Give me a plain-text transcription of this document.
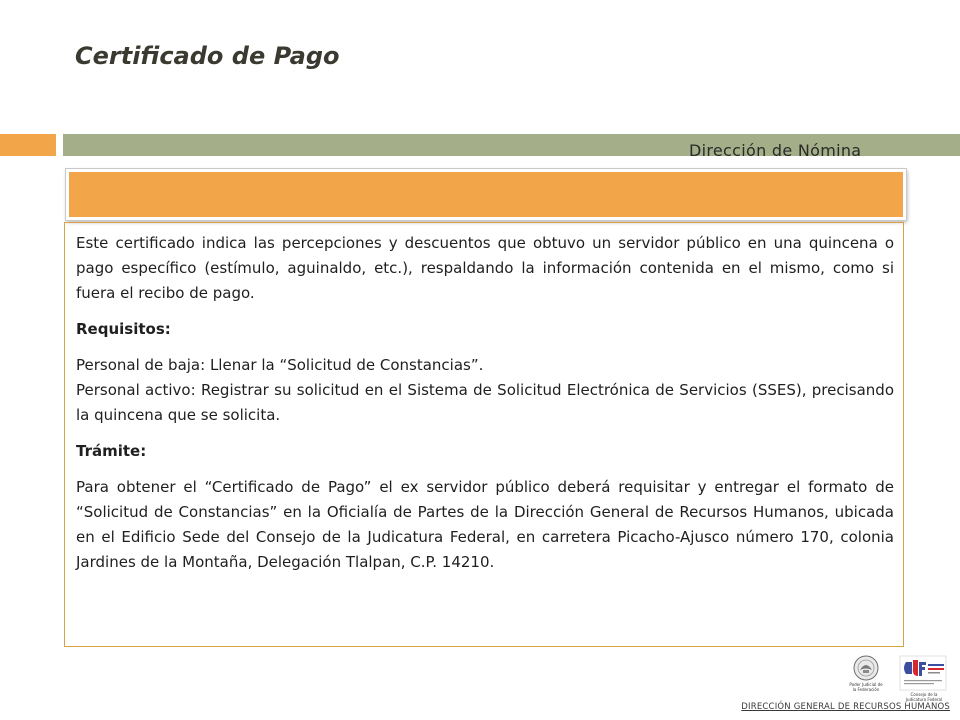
Certificado de Pago
Dirección de Nómina

Este certificado indica las percepciones y descuentos que obtuvo un servidor público en una quincena o pago específico (estímulo, aguinaldo, etc.), respaldando la información contenida en el mismo, como si fuera el recibo de pago.

Requisitos:

Personal de baja: Llenar la “Solicitud de Constancias”.

Personal activo: Registrar su solicitud en el Sistema de Solicitud Electrónica de Servicios (SSES), precisando la quincena que se solicita.

Trámite:

Para obtener el “Certificado de Pago” el ex servidor público deberá requisitar y entregar el formato de “Solicitud de Constancias” en la Oficialía de Partes de la Dirección General de Recursos Humanos, ubicada en el Edificio Sede del Consejo de la Judicatura Federal, en carretera Picacho-Ajusco número 170, colonia Jardines de la Montaña, Delegación Tlalpan, C.P. 14210.

Poder Judicial de la Federación
Consejo de la Judicatura Federal
DIRECCIÓN GENERAL DE RECURSOS HUMANOS
